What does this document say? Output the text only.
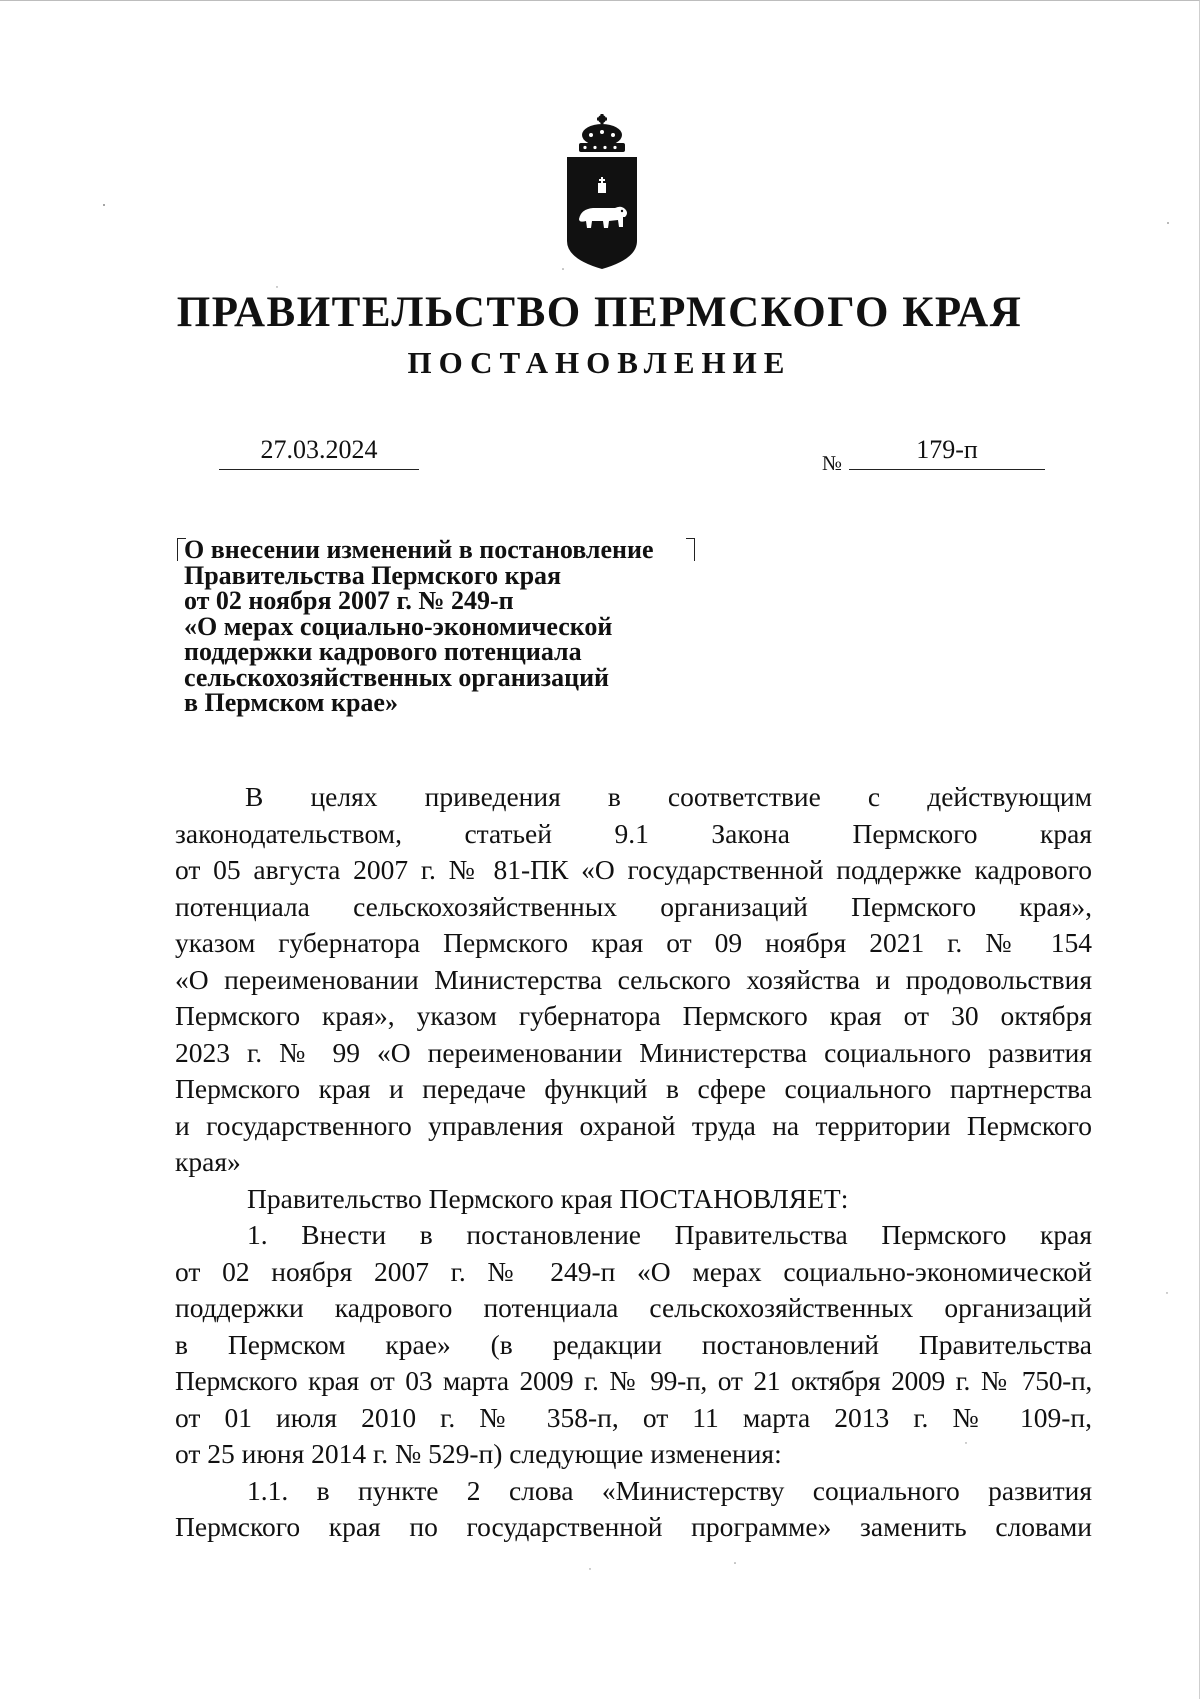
ПРАВИТЕЛЬСТВО ПЕРМСКОГО КРАЯ
ПОСТАНОВЛЕНИЕ
27.03.2024	№	179-п
О внесении изменений в постановление
Правительства Пермского края
от 02 ноября 2007 г. № 249-п
«О мерах социально-экономической
поддержки кадрового потенциала
сельскохозяйственных организаций
в Пермском крае»
В целях приведения в соответствие с действующим
законодательством, статьей 9.1 Закона Пермского края
от 05 августа 2007 г. № 81-ПК «О государственной поддержке кадрового
потенциала сельскохозяйственных организаций Пермского края»,
указом губернатора Пермского края от 09 ноября 2021 г. № 154
«О переименовании Министерства сельского хозяйства и продовольствия
Пермского края», указом губернатора Пермского края от 30 октября
2023 г. № 99 «О переименовании Министерства социального развития
Пермского края и передаче функций в сфере социального партнерства
и государственного управления охраной труда на территории Пермского
края»
Правительство Пермского края ПОСТАНОВЛЯЕТ:
1. Внести в постановление Правительства Пермского края
от 02 ноября 2007 г. № 249-п «О мерах социально-экономической
поддержки кадрового потенциала сельскохозяйственных организаций
в Пермском крае» (в редакции постановлений Правительства
Пермского края от 03 марта 2009 г. № 99-п, от 21 октября 2009 г. № 750-п,
от 01 июля 2010 г. № 358-п, от 11 марта 2013 г. № 109-п,
от 25 июня 2014 г. № 529-п) следующие изменения:
1.1. в пункте 2 слова «Министерству социального развития
Пермского края по государственной программе» заменить словами
